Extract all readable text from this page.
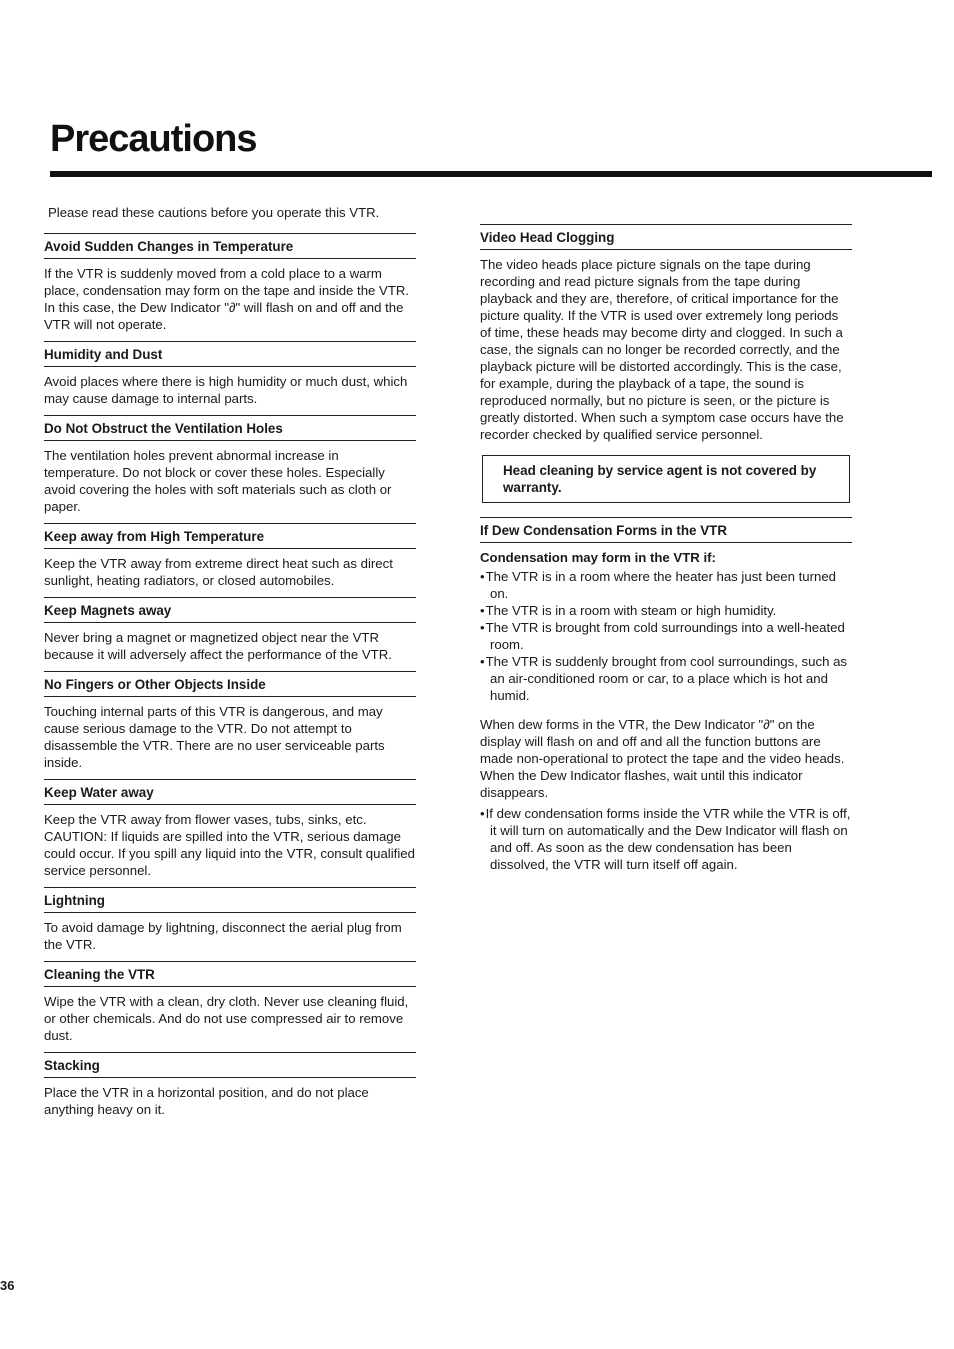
Precautions

Please read these cautions before you operate this VTR.

Avoid Sudden Changes in Temperature

If the VTR is suddenly moved from a cold place to a warm place, condensation may form on the tape and inside the VTR. In this case, the Dew Indicator "∂" will flash on and off and the VTR will not operate.

Humidity and Dust

Avoid places where there is high humidity or much dust, which may cause damage to internal parts.

Do Not Obstruct the Ventilation Holes

The ventilation holes prevent abnormal increase in temperature. Do not block or cover these holes. Especially avoid covering the holes with soft materials such as cloth or paper.

Keep away from High Temperature

Keep the VTR away from extreme direct heat such as direct sunlight, heating radiators, or closed automobiles.

Keep Magnets away

Never bring a magnet or magnetized object near the VTR because it will adversely affect the performance of the VTR.

No Fingers or Other Objects Inside

Touching internal parts of this VTR is dangerous, and may cause serious damage to the VTR. Do not attempt to disassemble the VTR. There are no user serviceable parts inside.

Keep Water away

Keep the VTR away from flower vases, tubs, sinks, etc. CAUTION: If liquids are spilled into the VTR, serious damage could occur. If you spill any liquid into the VTR, consult qualified service personnel.

Lightning

To avoid damage by lightning, disconnect the aerial plug from the VTR.

Cleaning the VTR

Wipe the VTR with a clean, dry cloth. Never use cleaning fluid, or other chemicals. And do not use compressed air to remove dust.

Stacking

Place the VTR in a horizontal position, and do not place anything heavy on it.

Video Head Clogging

The video heads place picture signals on the tape during recording and read picture signals from the tape during playback and they are, therefore, of critical importance for the picture quality. If the VTR is used over extremely long periods of time, these heads may become dirty and clogged. In such a case, the signals can no longer be recorded correctly, and the playback picture will be distorted accordingly. This is the case, for example, during the playback of a tape, the sound is reproduced normally, but no picture is seen, or the picture is greatly distorted. When such a symptom case occurs have the recorder checked by qualified service personnel.

Head cleaning by service agent is not covered by warranty.
If Dew Condensation Forms in the VTR
Condensation may form in the VTR if:
• The VTR is in a room where the heater has just been turned on.
• The VTR is in a room with steam or high humidity.
• The VTR is brought from cold surroundings into a well-heated room.
• The VTR is suddenly brought from cool surroundings, such as an air-conditioned room or car, to a place which is hot and humid.

When dew forms in the VTR, the Dew Indicator "∂" on the display will flash on and off and all the function buttons are made non-operational to protect the tape and the video heads. When the Dew Indicator flashes, wait until this indicator disappears.

• If dew condensation forms inside the VTR while the VTR is off, it will turn on automatically and the Dew Indicator will flash on and off. As soon as the dew condensation has been dissolved, the VTR will turn itself off again.
36
